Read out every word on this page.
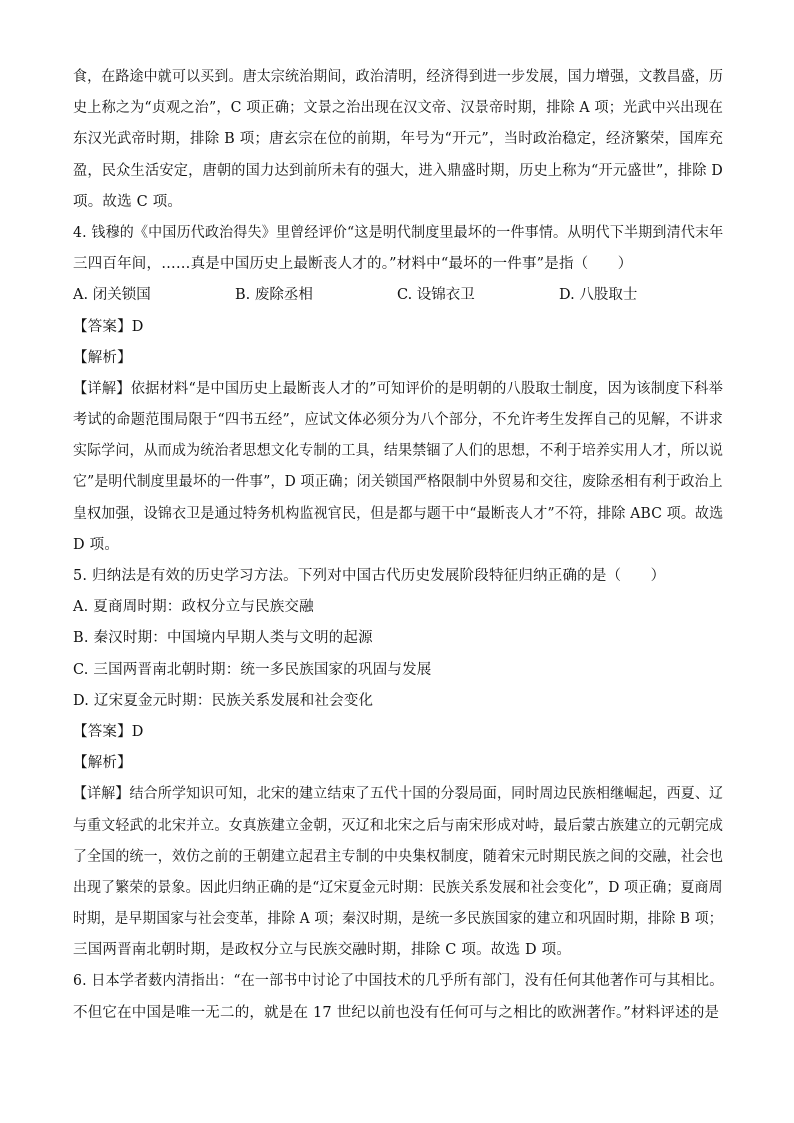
食，在路途中就可以买到。唐太宗统治期间，政治清明，经济得到进一步发展，国力增强，文教昌盛，历
史上称之为“贞观之治”，C 项正确；文景之治出现在汉文帝、汉景帝时期，排除 A 项；光武中兴出现在
东汉光武帝时期，排除 B 项；唐玄宗在位的前期，年号为“开元”，当时政治稳定，经济繁荣，国库充
盈，民众生活安定，唐朝的国力达到前所未有的强大，进入鼎盛时期，历史上称为“开元盛世”，排除 D
项。故选 C 项。
4. 钱穆的《中国历代政治得失》里曾经评价“这是明代制度里最坏的一件事情。从明代下半期到清代末年
三四百年间，……真是中国历史上最断丧人才的。”材料中“最坏的一件事”是指（　　）
A. 闭关锁国	B. 废除丞相	C. 设锦衣卫	D. 八股取士
【答案】D
【解析】
【详解】依据材料“是中国历史上最断丧人才的”可知评价的是明朝的八股取士制度，因为该制度下科举
考试的命题范围局限于“四书五经”，应试文体必须分为八个部分，不允许考生发挥自己的见解，不讲求
实际学问，从而成为统治者思想文化专制的工具，结果禁锢了人们的思想，不利于培养实用人才，所以说
它”是明代制度里最坏的一件事”，D 项正确；闭关锁国严格限制中外贸易和交往，废除丞相有利于政治上
皇权加强，设锦衣卫是通过特务机构监视官民，但是都与题干中“最断丧人才”不符，排除 ABC 项。故选
D 项。
5. 归纳法是有效的历史学习方法。下列对中国古代历史发展阶段特征归纳正确的是（　　）
A. 夏商周时期：政权分立与民族交融
B. 秦汉时期：中国境内早期人类与文明的起源
C. 三国两晋南北朝时期：统一多民族国家的巩固与发展
D. 辽宋夏金元时期：民族关系发展和社会变化
【答案】D
【解析】
【详解】结合所学知识可知，北宋的建立结束了五代十国的分裂局面，同时周边民族相继崛起，西夏、辽
与重文轻武的北宋并立。女真族建立金朝，灭辽和北宋之后与南宋形成对峙，最后蒙古族建立的元朝完成
了全国的统一，效仿之前的王朝建立起君主专制的中央集权制度，随着宋元时期民族之间的交融，社会也
出现了繁荣的景象。因此归纳正确的是“辽宋夏金元时期：民族关系发展和社会变化”，D 项正确；夏商周
时期，是早期国家与社会变革，排除 A 项；秦汉时期，是统一多民族国家的建立和巩固时期，排除 B 项；
三国两晋南北朝时期，是政权分立与民族交融时期，排除 C 项。故选 D 项。
6. 日本学者薮内清指出：“在一部书中讨论了中国技术的几乎所有部门，没有任何其他著作可与其相比。
不但它在中国是唯一无二的，就是在 17 世纪以前也没有任何可与之相比的欧洲著作。”材料评述的是
